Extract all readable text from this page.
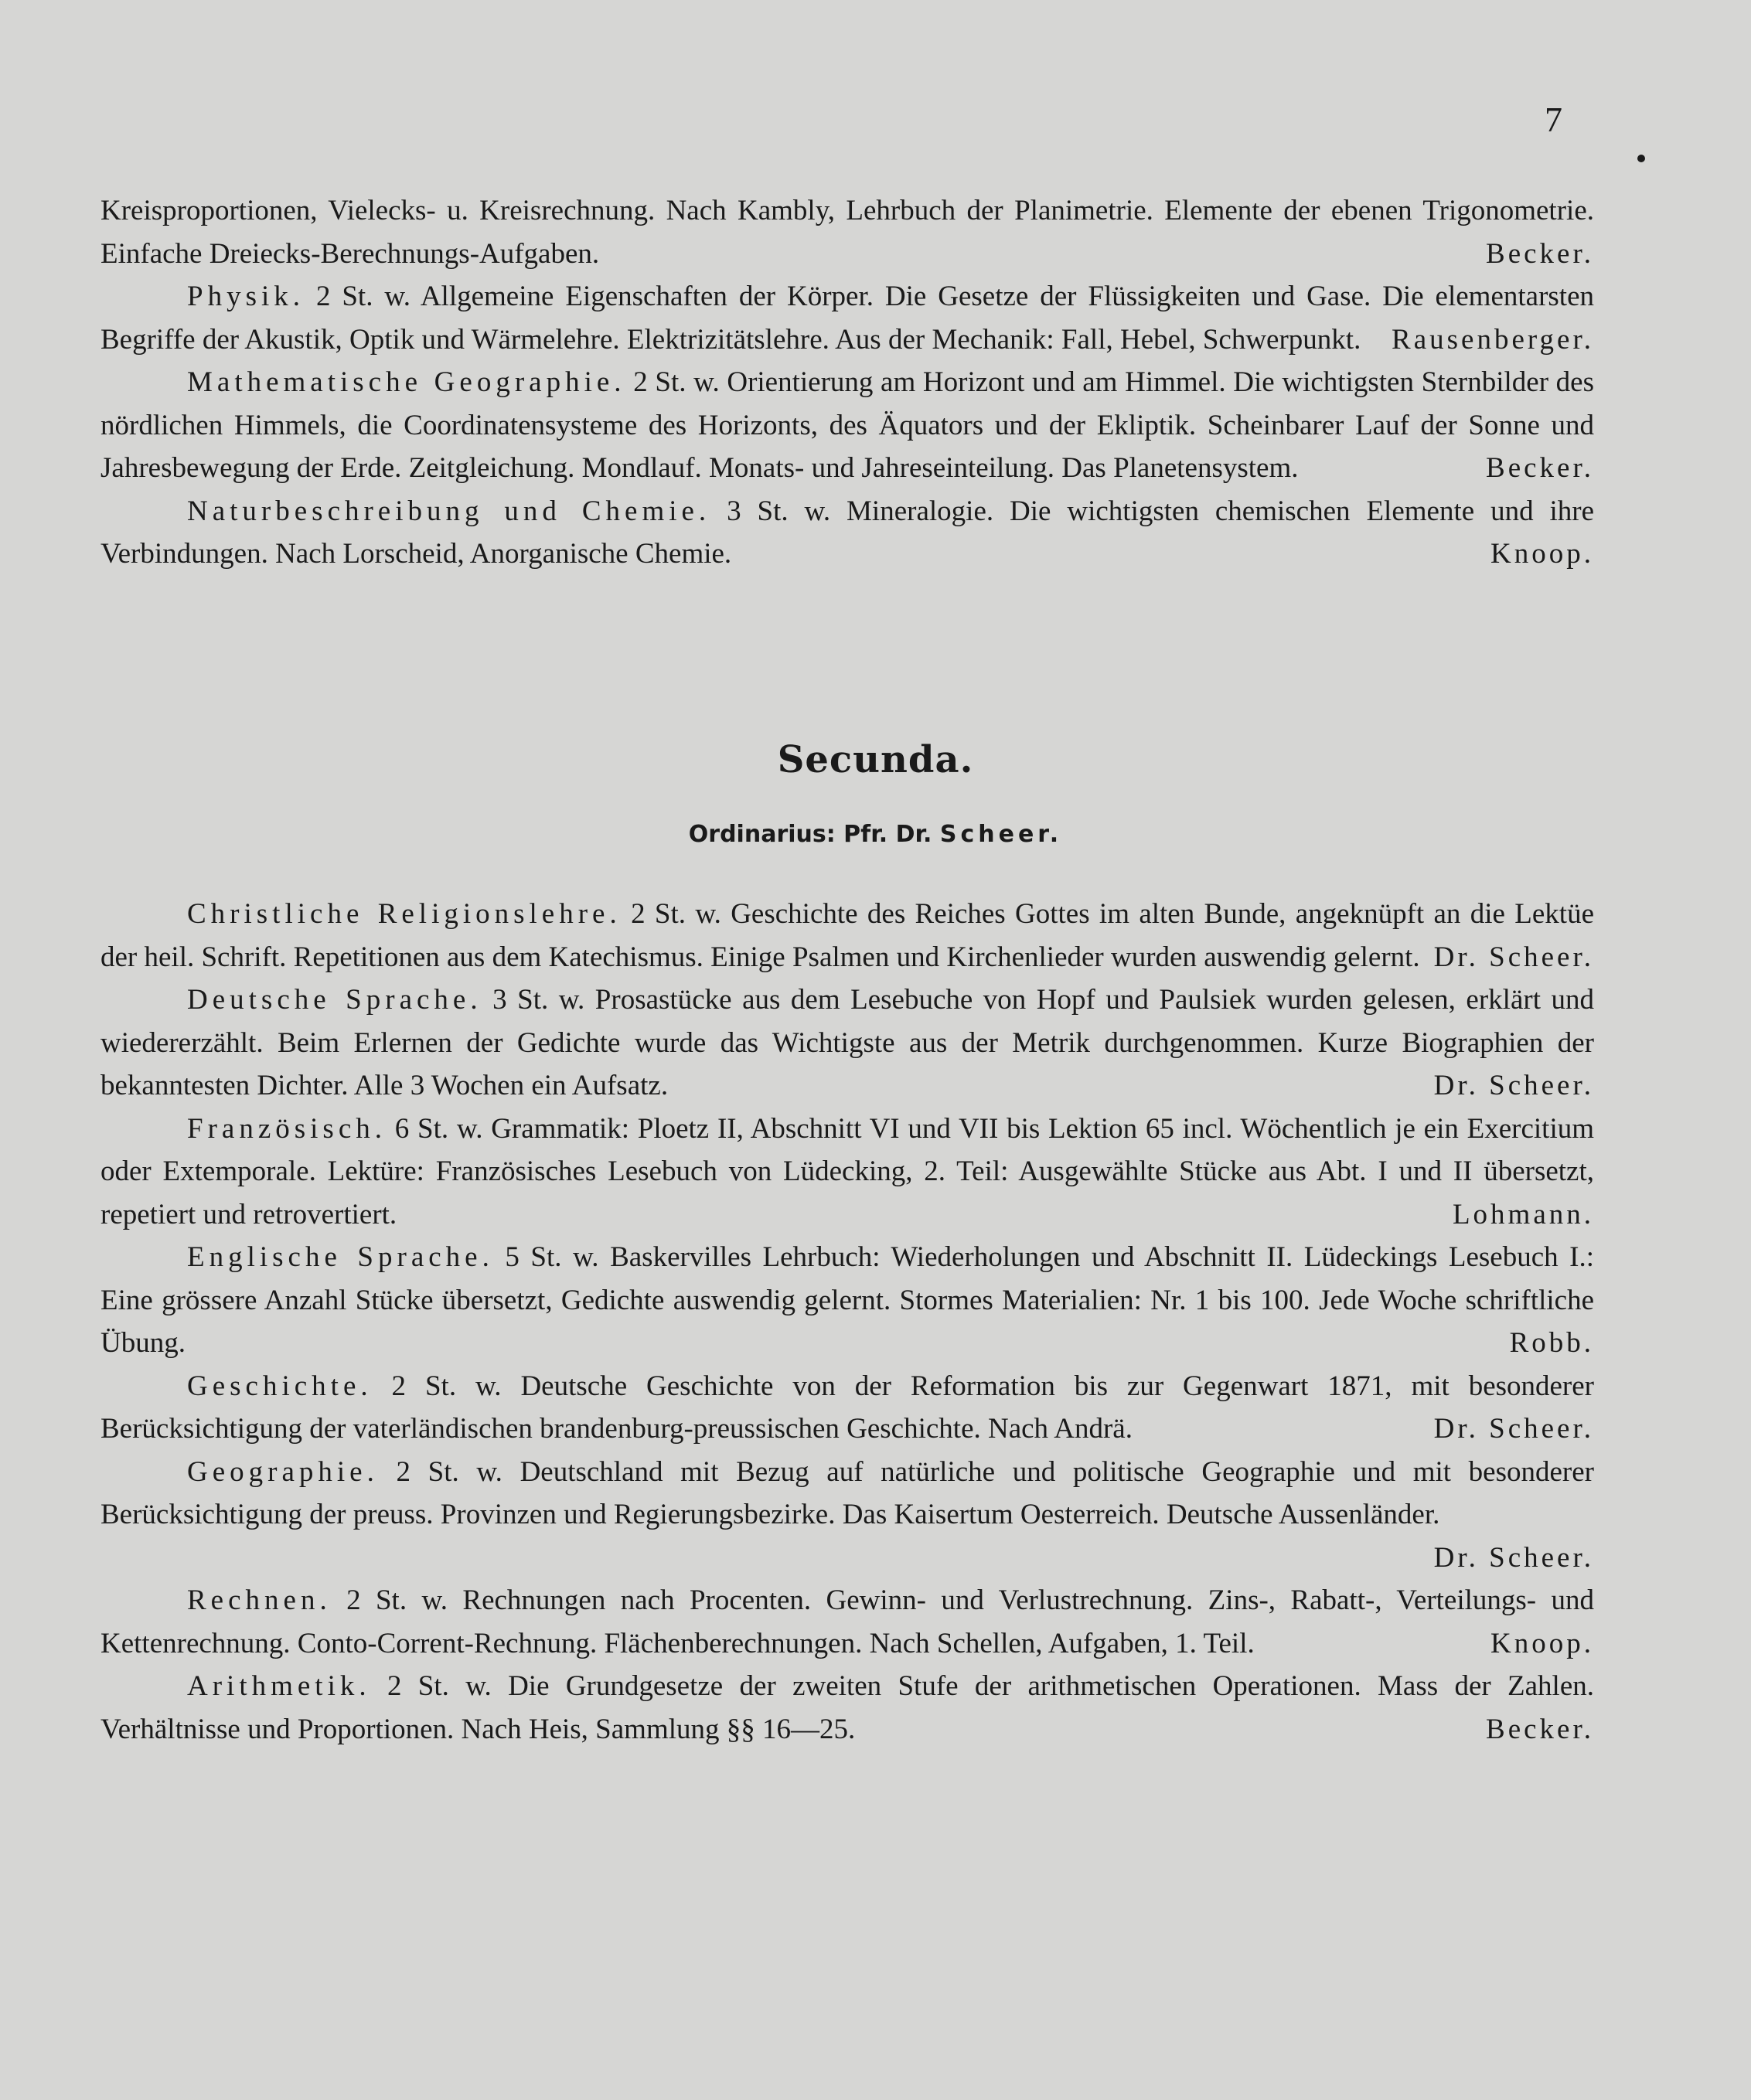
7

Kreisproportionen, Vielecks- u. Kreisrechnung. Nach Kambly, Lehrbuch der Planimetrie. Elemente der ebenen Trigonometrie. Einfache Dreiecks-Berechnungs-Aufgaben.	Becker.

Physik. 2 St. w. Allgemeine Eigenschaften der Körper. Die Gesetze der Flüssigkeiten und Gase. Die elementarsten Begriffe der Akustik, Optik und Wärmelehre. Elektrizitätslehre. Aus der Mechanik: Fall, Hebel, Schwerpunkt. Rausenberger.

Mathematische Geographie. 2 St. w. Orientierung am Horizont und am Himmel. Die wichtigsten Sternbilder des nördlichen Himmels, die Coordinatensysteme des Horizonts, des Äquators und der Ekliptik. Scheinbarer Lauf der Sonne und Jahresbewegung der Erde. Zeitgleichung. Mondlauf. Monats- und Jahreseinteilung. Das Planetensystem.	Becker.

Naturbeschreibung und Chemie. 3 St. w. Mineralogie. Die wichtigsten chemischen Elemente und ihre Verbindungen. Nach Lorscheid, Anorganische Chemie.	Knoop.

Secunda.
Ordinarius: Pfr. Dr. Scheer.

Christliche Religionslehre. 2 St. w. Geschichte des Reiches Gottes im alten Bunde, angeknüpft an die Lektüe der heil. Schrift. Repetitionen aus dem Katechismus. Einige Psalmen und Kirchenlieder wurden auswendig gelernt. Dr. Scheer.

Deutsche Sprache. 3 St. w. Prosastücke aus dem Lesebuche von Hopf und Paulsiek wurden gelesen, erklärt und wiedererzählt. Beim Erlernen der Gedichte wurde das Wichtigste aus der Metrik durchgenommen. Kurze Biographien der bekanntesten Dichter. Alle 3 Wochen ein Aufsatz.	Dr. Scheer.

Französisch. 6 St. w. Grammatik: Ploetz II, Abschnitt VI und VII bis Lektion 65 incl. Wöchentlich je ein Exercitium oder Extemporale. Lektüre: Französisches Lesebuch von Lüdecking, 2. Teil: Ausgewählte Stücke aus Abt. I und II übersetzt, repetiert und retrovertiert.	Lohmann.

Englische Sprache. 5 St. w. Baskervilles Lehrbuch: Wiederholungen und Abschnitt II. Lüdeckings Lesebuch I.: Eine grössere Anzahl Stücke übersetzt, Gedichte auswendig gelernt. Stormes Materialien: Nr. 1 bis 100. Jede Woche schriftliche Übung.	Robb.

Geschichte. 2 St. w. Deutsche Geschichte von der Reformation bis zur Gegenwart 1871, mit besonderer Berücksichtigung der vaterländischen brandenburg-preussischen Geschichte. Nach Andrä.	Dr. Scheer.

Geographie. 2 St. w. Deutschland mit Bezug auf natürliche und politische Geographie und mit besonderer Berücksichtigung der preuss. Provinzen und Regierungsbezirke. Das Kaisertum Oesterreich. Deutsche Aussenländer.
Dr. Scheer.

Rechnen. 2 St. w. Rechnungen nach Procenten. Gewinn- und Verlustrechnung. Zins-, Rabatt-, Verteilungs- und Kettenrechnung. Conto-Corrent-Rechnung. Flächenberechnungen. Nach Schellen, Aufgaben, 1. Teil.	Knoop.

Arithmetik. 2 St. w. Die Grundgesetze der zweiten Stufe der arithmetischen Operationen. Mass der Zahlen. Verhältnisse und Proportionen. Nach Heis, Sammlung §§ 16—25.	Becker.
